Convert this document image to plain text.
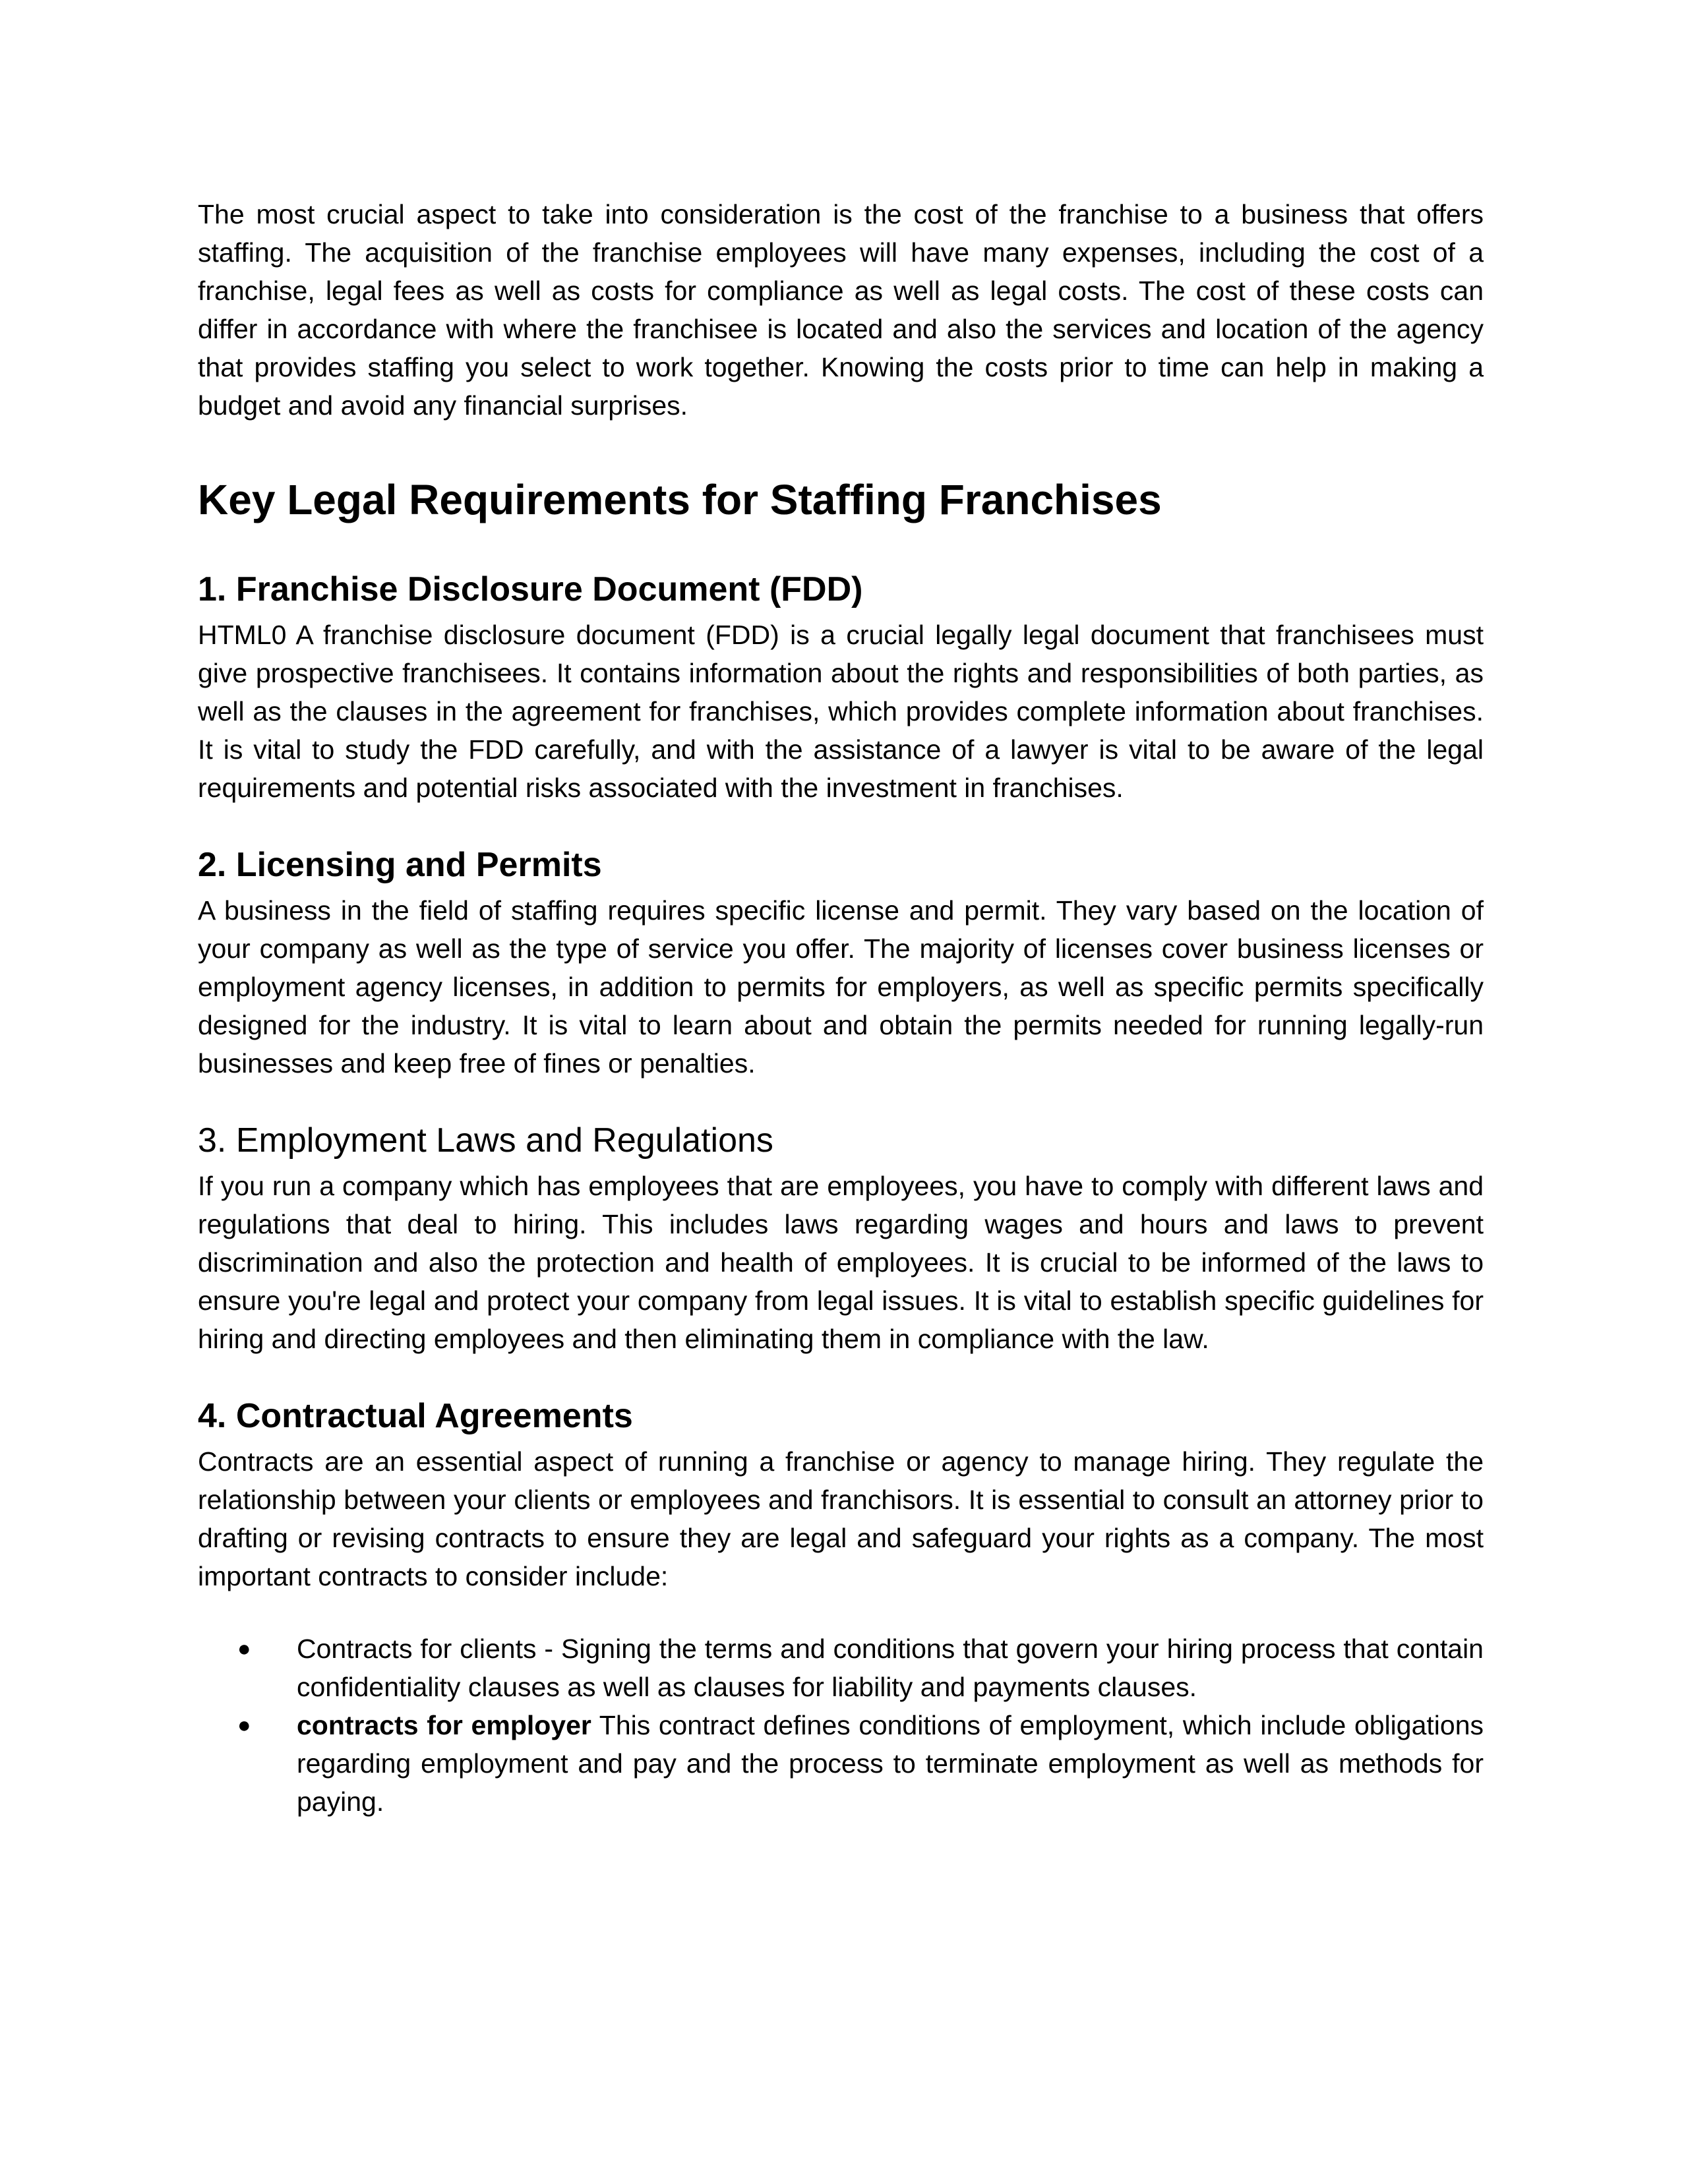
The most crucial aspect to take into consideration is the cost of the franchise to a business that offers staffing. The acquisition of the franchise employees will have many expenses, including the cost of a franchise, legal fees as well as costs for compliance as well as legal costs. The cost of these costs can differ in accordance with where the franchisee is located and also the services and location of the agency that provides staffing you select to work together. Knowing the costs prior to time can help in making a budget and avoid any financial surprises.

Key Legal Requirements for Staffing Franchises
1. Franchise Disclosure Document (FDD)

HTML0 A franchise disclosure document (FDD) is a crucial legally legal document that franchisees must give prospective franchisees. It contains information about the rights and responsibilities of both parties, as well as the clauses in the agreement for franchises, which provides complete information about franchises. It is vital to study the FDD carefully, and with the assistance of a lawyer is vital to be aware of the legal requirements and potential risks associated with the investment in franchises.

2. Licensing and Permits

A business in the field of staffing requires specific license and permit. They vary based on the location of your company as well as the type of service you offer. The majority of licenses cover business licenses or employment agency licenses, in addition to permits for employers, as well as specific permits specifically designed for the industry. It is vital to learn about and obtain the permits needed for running legally-run businesses and keep free of fines or penalties.

3. Employment Laws and Regulations

If you run a company which has employees that are employees, you have to comply with different laws and regulations that deal to hiring. This includes laws regarding wages and hours and laws to prevent discrimination and also the protection and health of employees. It is crucial to be informed of the laws to ensure you're legal and protect your company from legal issues. It is vital to establish specific guidelines for hiring and directing employees and then eliminating them in compliance with the law.

4. Contractual Agreements

Contracts are an essential aspect of running a franchise or agency to manage hiring. They regulate the relationship between your clients or employees and franchisors. It is essential to consult an attorney prior to drafting or revising contracts to ensure they are legal and safeguard your rights as a company. The most important contracts to consider include:

● Contracts for clients - Signing the terms and conditions that govern your hiring process that contain confidentiality clauses as well as clauses for liability and payments clauses.
● contracts for employer This contract defines conditions of employment, which include obligations regarding employment and pay and the process to terminate employment as well as methods for paying.
